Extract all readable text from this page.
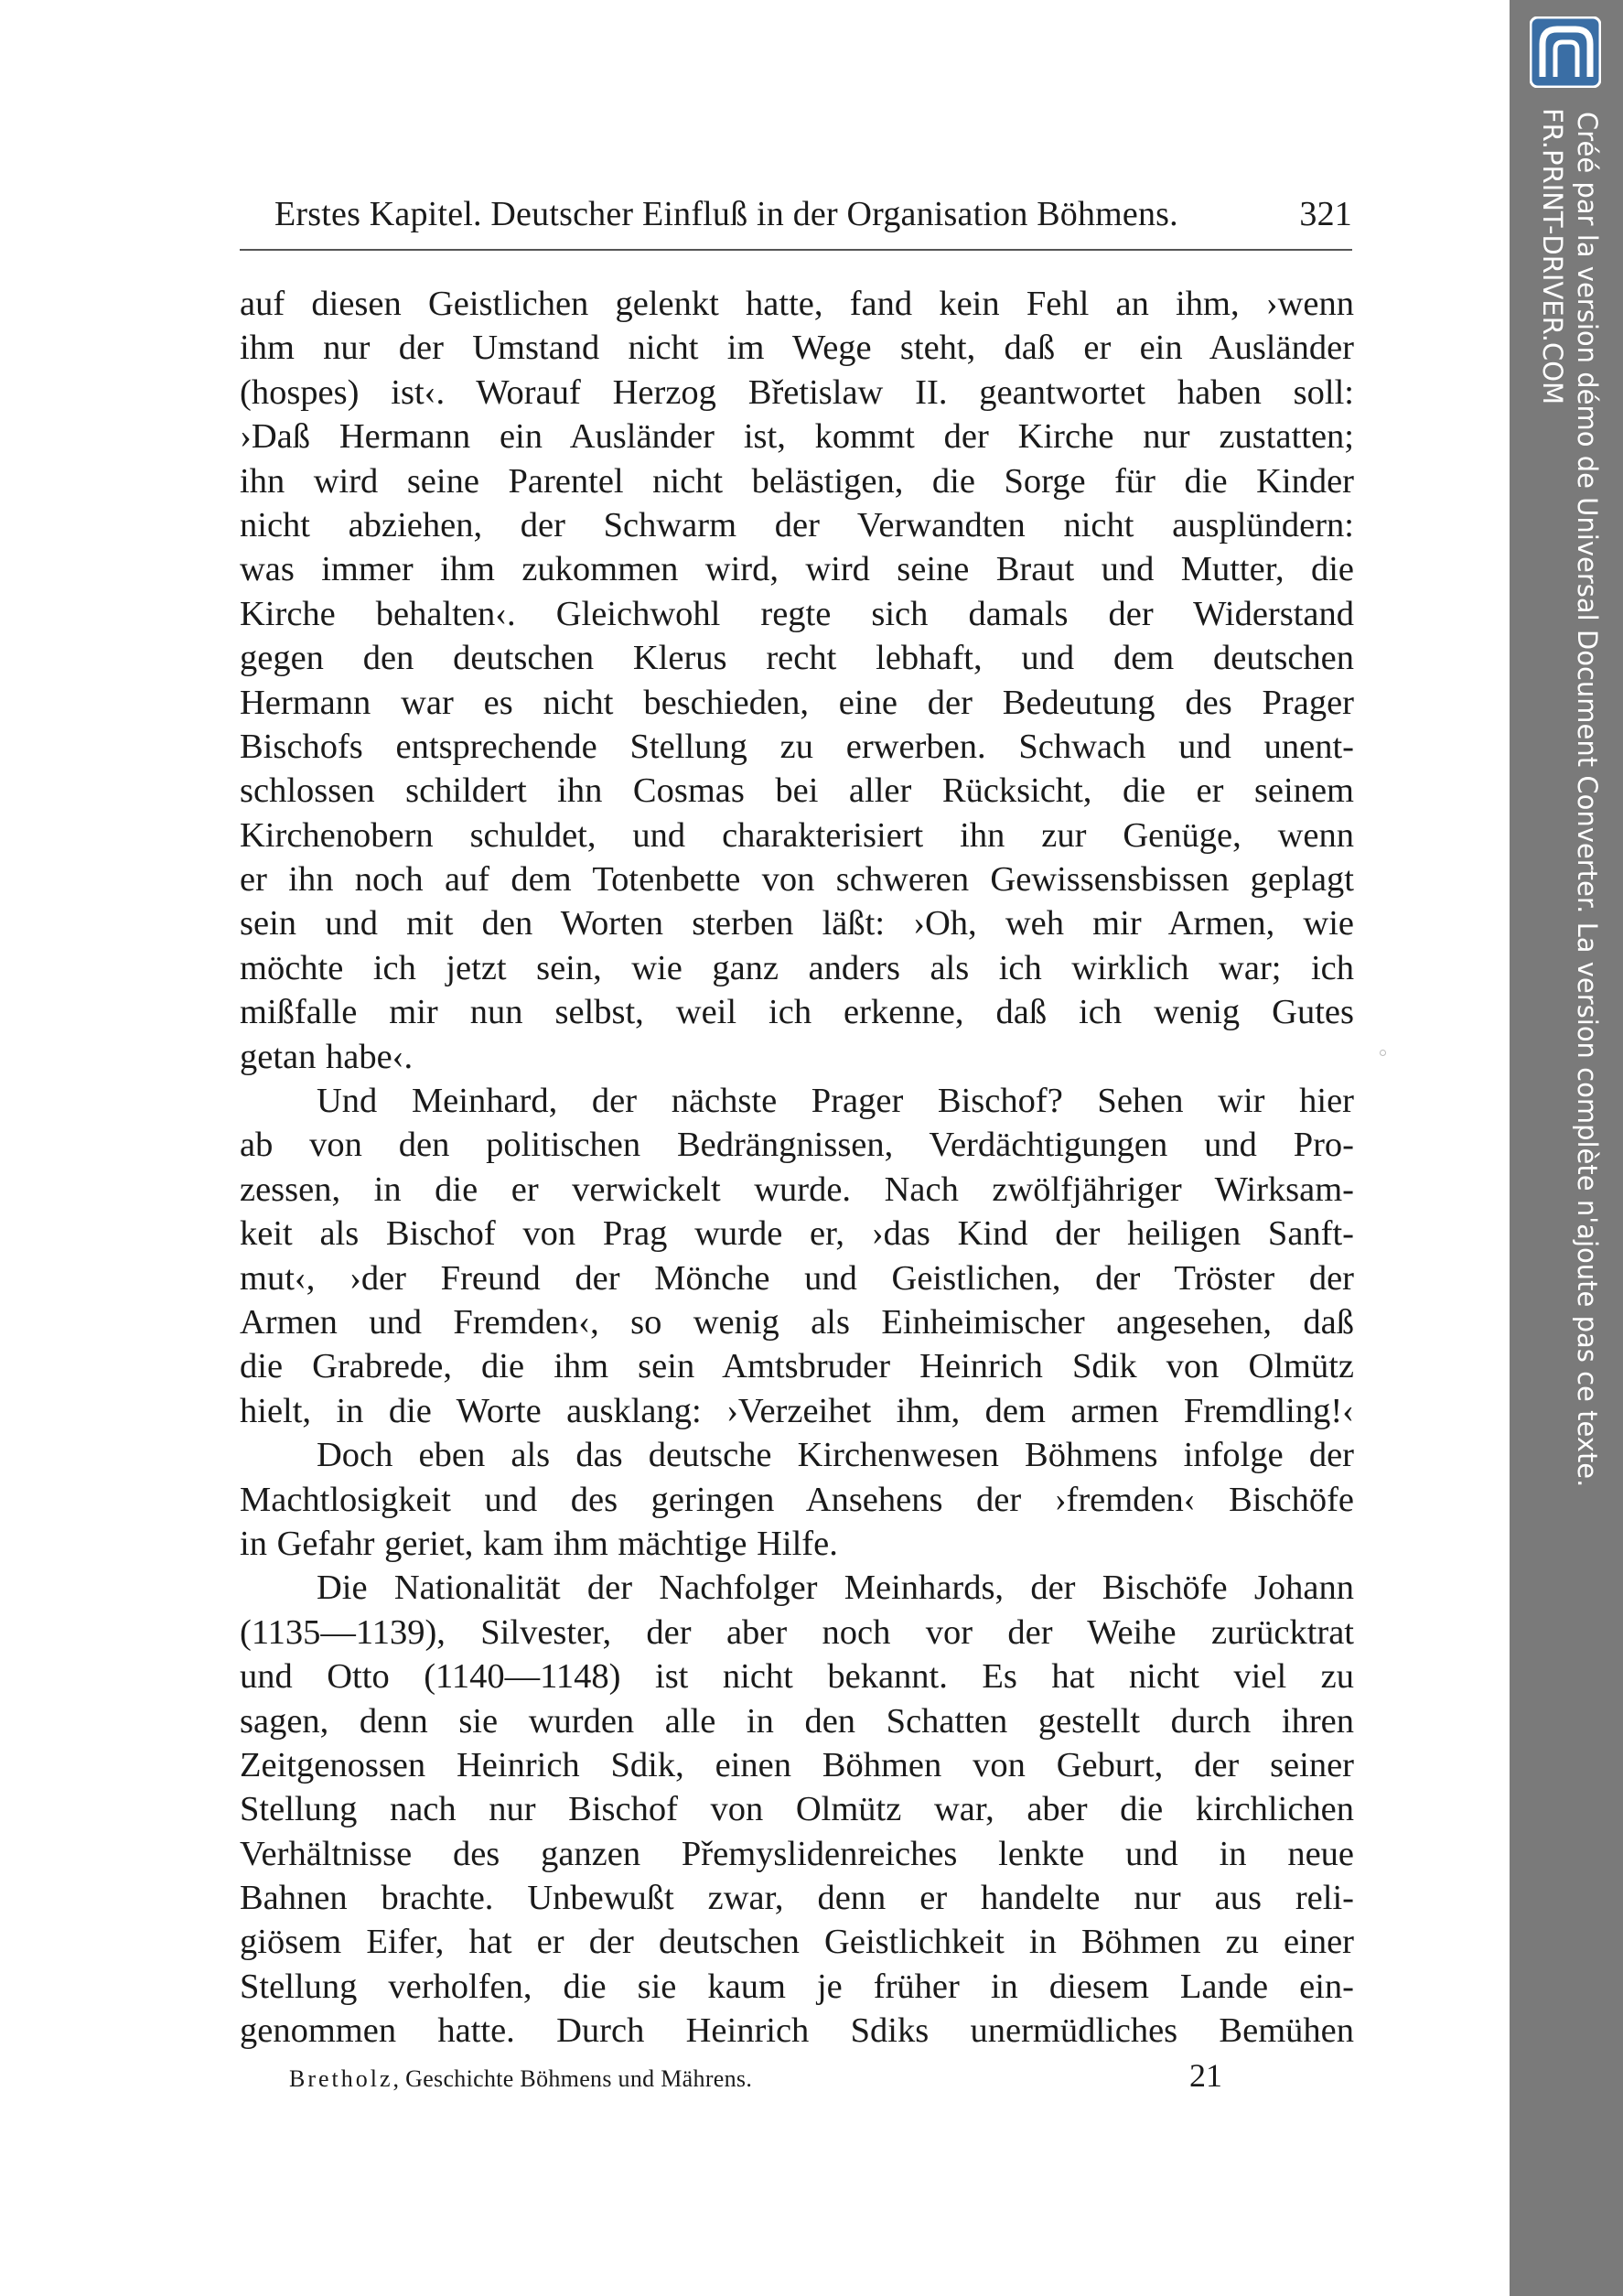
Erstes Kapitel. Deutscher Einfluß in der Organisation Böhmens.	321
auf diesen Geistlichen gelenkt hatte, fand kein Fehl an ihm, ›wenn
ihm nur der Umstand nicht im Wege steht, daß er ein Ausländer
(hospes) ist‹. Worauf Herzog Břetislaw II. geantwortet haben soll:
›Daß Hermann ein Ausländer ist, kommt der Kirche nur zustatten;
ihn wird seine Parentel nicht belästigen, die Sorge für die Kinder
nicht abziehen, der Schwarm der Verwandten nicht ausplündern:
was immer ihm zukommen wird, wird seine Braut und Mutter, die
Kirche behalten‹. Gleichwohl regte sich damals der Widerstand
gegen den deutschen Klerus recht lebhaft, und dem deutschen
Hermann war es nicht beschieden, eine der Bedeutung des Prager
Bischofs entsprechende Stellung zu erwerben. Schwach und unent-
schlossen schildert ihn Cosmas bei aller Rücksicht, die er seinem
Kirchenobern schuldet, und charakterisiert ihn zur Genüge, wenn
er ihn noch auf dem Totenbette von schweren Gewissensbissen geplagt
sein und mit den Worten sterben läßt: ›Oh, weh mir Armen, wie
möchte ich jetzt sein, wie ganz anders als ich wirklich war; ich
mißfalle mir nun selbst, weil ich erkenne, daß ich wenig Gutes
getan habe‹.
Und Meinhard, der nächste Prager Bischof? Sehen wir hier
ab von den politischen Bedrängnissen, Verdächtigungen und Pro-
zessen, in die er verwickelt wurde. Nach zwölfjähriger Wirksam-
keit als Bischof von Prag wurde er, ›das Kind der heiligen Sanft-
mut‹, ›der Freund der Mönche und Geistlichen, der Tröster der
Armen und Fremden‹, so wenig als Einheimischer angesehen, daß
die Grabrede, die ihm sein Amtsbruder Heinrich Sdik von Olmütz
hielt, in die Worte ausklang: ›Verzeihet ihm, dem armen Fremdling!‹
Doch eben als das deutsche Kirchenwesen Böhmens infolge der
Machtlosigkeit und des geringen Ansehens der ›fremden‹ Bischöfe
in Gefahr geriet, kam ihm mächtige Hilfe.
Die Nationalität der Nachfolger Meinhards, der Bischöfe Johann
(1135—1139), Silvester, der aber noch vor der Weihe zurücktrat
und Otto (1140—1148) ist nicht bekannt. Es hat nicht viel zu
sagen, denn sie wurden alle in den Schatten gestellt durch ihren
Zeitgenossen Heinrich Sdik, einen Böhmen von Geburt, der seiner
Stellung nach nur Bischof von Olmütz war, aber die kirchlichen
Verhältnisse des ganzen Přemyslidenreiches lenkte und in neue
Bahnen brachte. Unbewußt zwar, denn er handelte nur aus reli-
giösem Eifer, hat er der deutschen Geistlichkeit in Böhmen zu einer
Stellung verholfen, die sie kaum je früher in diesem Lande ein-
genommen hatte. Durch Heinrich Sdiks unermüdliches Bemühen
Bretholz, Geschichte Böhmens und Mährens.	21
Créé par la version démo de Universal Document Converter. La version complète n'ajoute pas ce texte.
FR.PRINT-DRIVER.COM
